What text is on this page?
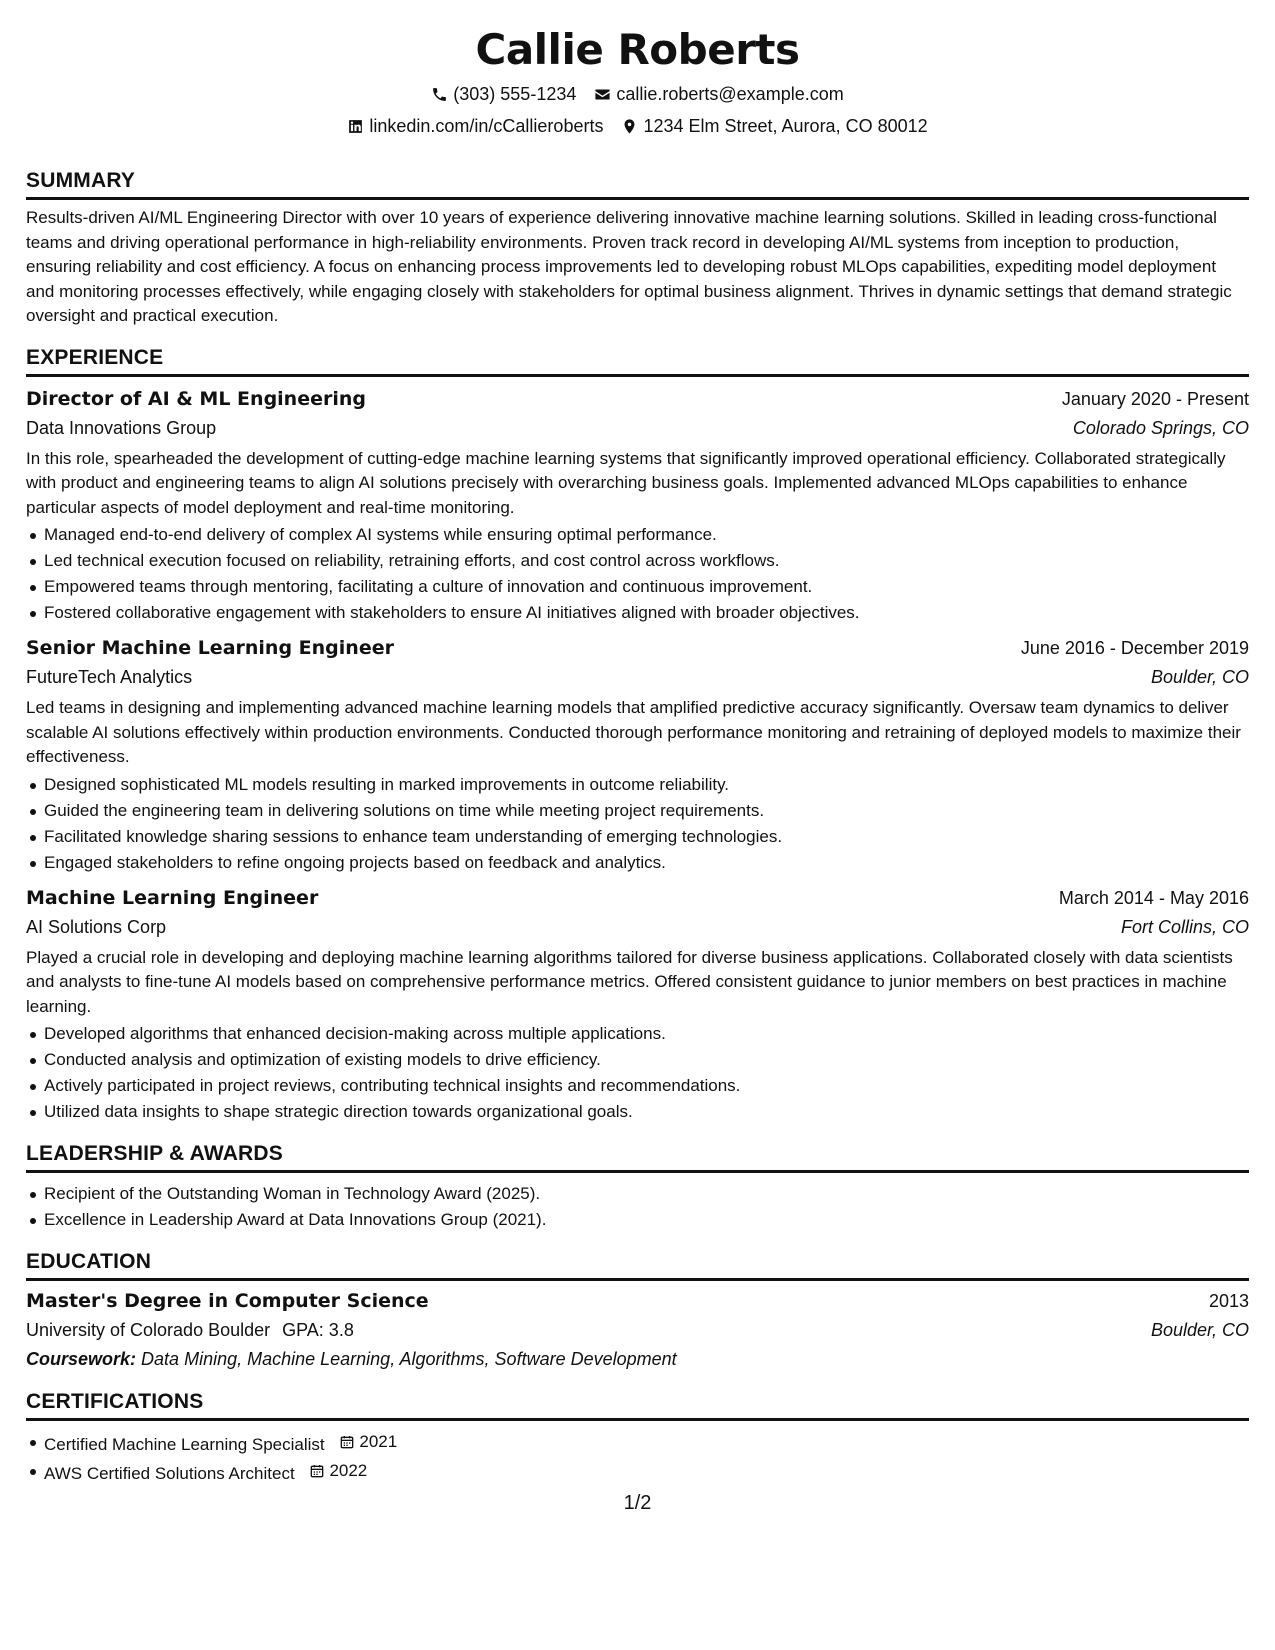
Callie Roberts
(303) 555-1234 callie.roberts@example.com
linkedin.com/in/cCallieroberts 1234 Elm Street, Aurora, CO 80012
SUMMARY

Results-driven AI/ML Engineering Director with over 10 years of experience delivering innovative machine learning solutions. Skilled in leading cross-functional teams and driving operational performance in high-reliability environments. Proven track record in developing AI/ML systems from inception to production, ensuring reliability and cost efficiency. A focus on enhancing process improvements led to developing robust MLOps capabilities, expediting model deployment and monitoring processes effectively, while engaging closely with stakeholders for optimal business alignment. Thrives in dynamic settings that demand strategic oversight and practical execution.

EXPERIENCE
Director of AI & ML Engineering	January 2020 - Present
Data Innovations Group	Colorado Springs, CO

In this role, spearheaded the development of cutting-edge machine learning systems that significantly improved operational efficiency. Collaborated strategically with product and engineering teams to align AI solutions precisely with overarching business goals. Implemented advanced MLOps capabilities to enhance particular aspects of model deployment and real-time monitoring.

Managed end-to-end delivery of complex AI systems while ensuring optimal performance.
Led technical execution focused on reliability, retraining efforts, and cost control across workflows.
Empowered teams through mentoring, facilitating a culture of innovation and continuous improvement.
Fostered collaborative engagement with stakeholders to ensure AI initiatives aligned with broader objectives.
Senior Machine Learning Engineer	June 2016 - December 2019
FutureTech Analytics	Boulder, CO

Led teams in designing and implementing advanced machine learning models that amplified predictive accuracy significantly. Oversaw team dynamics to deliver scalable AI solutions effectively within production environments. Conducted thorough performance monitoring and retraining of deployed models to maximize their effectiveness.

Designed sophisticated ML models resulting in marked improvements in outcome reliability.
Guided the engineering team in delivering solutions on time while meeting project requirements.
Facilitated knowledge sharing sessions to enhance team understanding of emerging technologies.
Engaged stakeholders to refine ongoing projects based on feedback and analytics.
Machine Learning Engineer	March 2014 - May 2016
AI Solutions Corp	Fort Collins, CO

Played a crucial role in developing and deploying machine learning algorithms tailored for diverse business applications. Collaborated closely with data scientists and analysts to fine-tune AI models based on comprehensive performance metrics. Offered consistent guidance to junior members on best practices in machine learning.

Developed algorithms that enhanced decision-making across multiple applications.
Conducted analysis and optimization of existing models to drive efficiency.
Actively participated in project reviews, contributing technical insights and recommendations.
Utilized data insights to shape strategic direction towards organizational goals.
LEADERSHIP & AWARDS
Recipient of the Outstanding Woman in Technology Award (2025).
Excellence in Leadership Award at Data Innovations Group (2021).
EDUCATION
Master's Degree in Computer Science	2013
University of Colorado Boulder GPA: 3.8	Boulder, CO
Coursework: Data Mining, Machine Learning, Algorithms, Software Development
CERTIFICATIONS
Certified Machine Learning Specialist 2021
AWS Certified Solutions Architect 2022
1/2
